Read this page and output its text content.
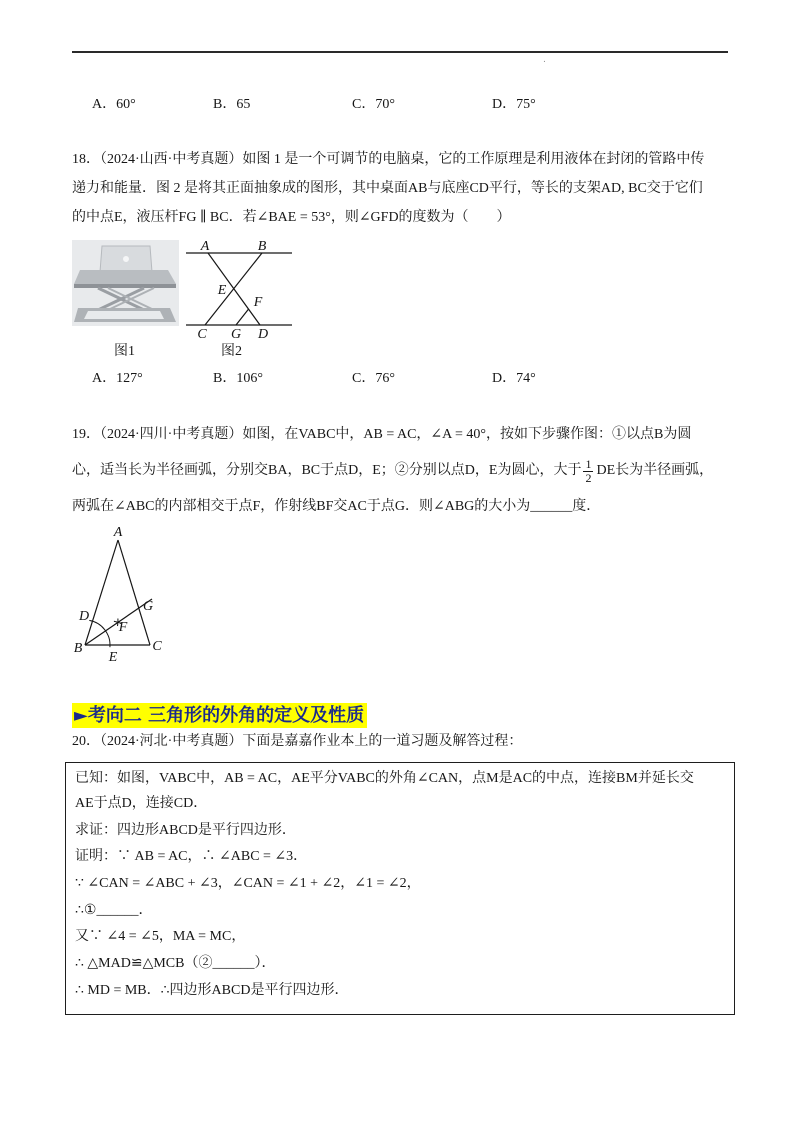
.
A．60°	B．65	C．70°	D．75°
18．（2024·山西·中考真题）如图 1 是一个可调节的电脑桌，它的工作原理是利用液体在封闭的管路中传
递力和能量．图 2 是将其正面抽象成的图形，其中桌面AB与底座CD平行，等长的支架AD, BC交于它们
的中点E，液压杆FG ∥ BC．若∠BAE = 53°，则∠GFD的度数为（　　）
图1
A	B
E
F
C G D
图2
A．127°	B．106°	C．76°	D．74°
19．（2024·四川·中考真题）如图，在VABC中，AB = AC，∠A = 40°，按如下步骤作图：①以点B为圆
心，适当长为半径画弧，分别交BA，BC于点D，E；②分别以点D，E为圆心，大于 $\frac{1}{2}$ DE长为半径画弧，
两弧在∠ABC的内部相交于点F，作射线BF交AC于点G．则∠ABG的大小为______度．
A
D
G
F
B
E
C
►考向二 三角形的外角的定义及性质
20．（2024·河北·中考真题）下面是嘉嘉作业本上的一道习题及解答过程：
已知：如图，VABC中，AB = AC，AE平分VABC的外角∠CAN，点M是AC的中点，连接BM并延长交
AE于点D，连接CD．
求证：四边形ABCD是平行四边形．
证明：∵ AB = AC，∴ ∠ABC = ∠3．
∵ ∠CAN = ∠ABC + ∠3，∠CAN = ∠1 + ∠2，∠1 = ∠2，
∴①______．
又∵ ∠4 = ∠5，MA = MC，
∴ △MAD≌△MCB（②______）．
∴ MD = MB．∴四边形ABCD是平行四边形．
